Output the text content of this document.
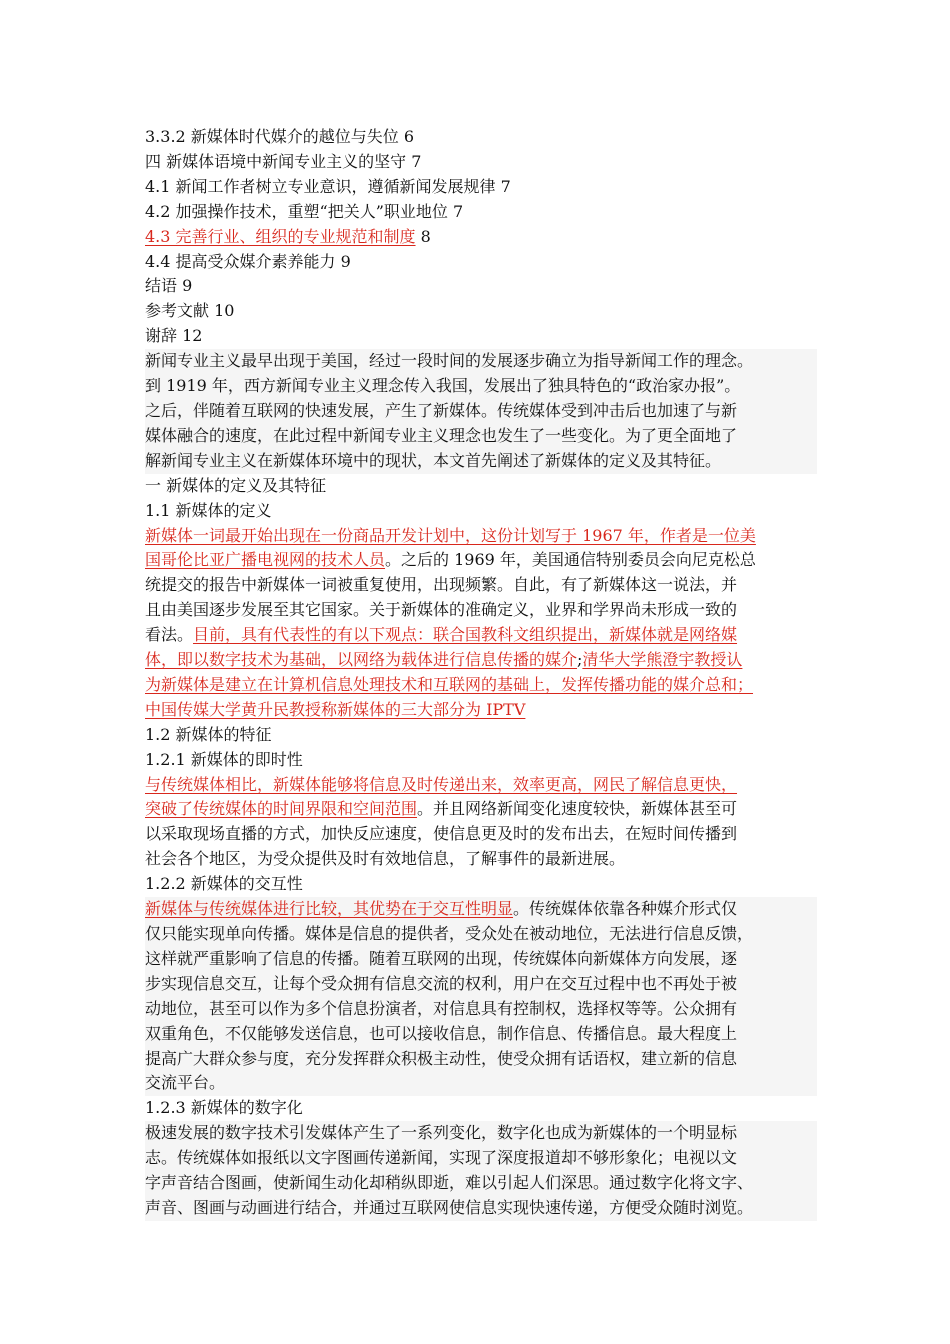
3.3.2 新媒体时代媒介的越位与失位 6
四 新媒体语境中新闻专业主义的坚守 7
4.1 新闻工作者树立专业意识，遵循新闻发展规律 7
4.2 加强操作技术，重塑“把关人”职业地位 7
4.3 完善行业、组织的专业规范和制度 8
4.4 提高受众媒介素养能力 9
结语 9
参考文献 10
谢辞 12
新闻专业主义最早出现于美国，经过一段时间的发展逐步确立为指导新闻工作的理念。
到 1919 年，西方新闻专业主义理念传入我国，发展出了独具特色的“政治家办报”。
之后，伴随着互联网的快速发展，产生了新媒体。传统媒体受到冲击后也加速了与新
媒体融合的速度，在此过程中新闻专业主义理念也发生了一些变化。为了更全面地了
解新闻专业主义在新媒体环境中的现状，本文首先阐述了新媒体的定义及其特征。
一 新媒体的定义及其特征
1.1 新媒体的定义
新媒体一词最开始出现在一份商品开发计划中，这份计划写于 1967 年，作者是一位美
国哥伦比亚广播电视网的技术人员。之后的 1969 年，美国通信特别委员会向尼克松总
统提交的报告中新媒体一词被重复使用，出现频繁。自此，有了新媒体这一说法，并
且由美国逐步发展至其它国家。关于新媒体的准确定义，业界和学界尚未形成一致的
看法。目前，具有代表性的有以下观点：联合国教科文组织提出，新媒体就是网络媒
体，即以数字技术为基础，以网络为载体进行信息传播的媒介;清华大学熊澄宇教授认
为新媒体是建立在计算机信息处理技术和互联网的基础上，发挥传播功能的媒介总和；
中国传媒大学黄升民教授称新媒体的三大部分为 IPTV
1.2 新媒体的特征
1.2.1 新媒体的即时性
与传统媒体相比，新媒体能够将信息及时传递出来，效率更高，网民了解信息更快，
突破了传统媒体的时间界限和空间范围。并且网络新闻变化速度较快，新媒体甚至可
以采取现场直播的方式，加快反应速度，使信息更及时的发布出去，在短时间传播到
社会各个地区，为受众提供及时有效地信息，了解事件的最新进展。
1.2.2 新媒体的交互性
新媒体与传统媒体进行比较，其优势在于交互性明显。传统媒体依靠各种媒介形式仅
仅只能实现单向传播。媒体是信息的提供者，受众处在被动地位，无法进行信息反馈，
这样就严重影响了信息的传播。随着互联网的出现，传统媒体向新媒体方向发展，逐
步实现信息交互，让每个受众拥有信息交流的权利，用户在交互过程中也不再处于被
动地位，甚至可以作为多个信息扮演者，对信息具有控制权，选择权等等。公众拥有
双重角色，不仅能够发送信息，也可以接收信息，制作信息、传播信息。最大程度上
提高广大群众参与度，充分发挥群众积极主动性，使受众拥有话语权，建立新的信息
交流平台。
1.2.3 新媒体的数字化
极速发展的数字技术引发媒体产生了一系列变化，数字化也成为新媒体的一个明显标
志。传统媒体如报纸以文字图画传递新闻，实现了深度报道却不够形象化；电视以文
字声音结合图画，使新闻生动化却稍纵即逝，难以引起人们深思。通过数字化将文字、
声音、图画与动画进行结合，并通过互联网使信息实现快速传递，方便受众随时浏览。
